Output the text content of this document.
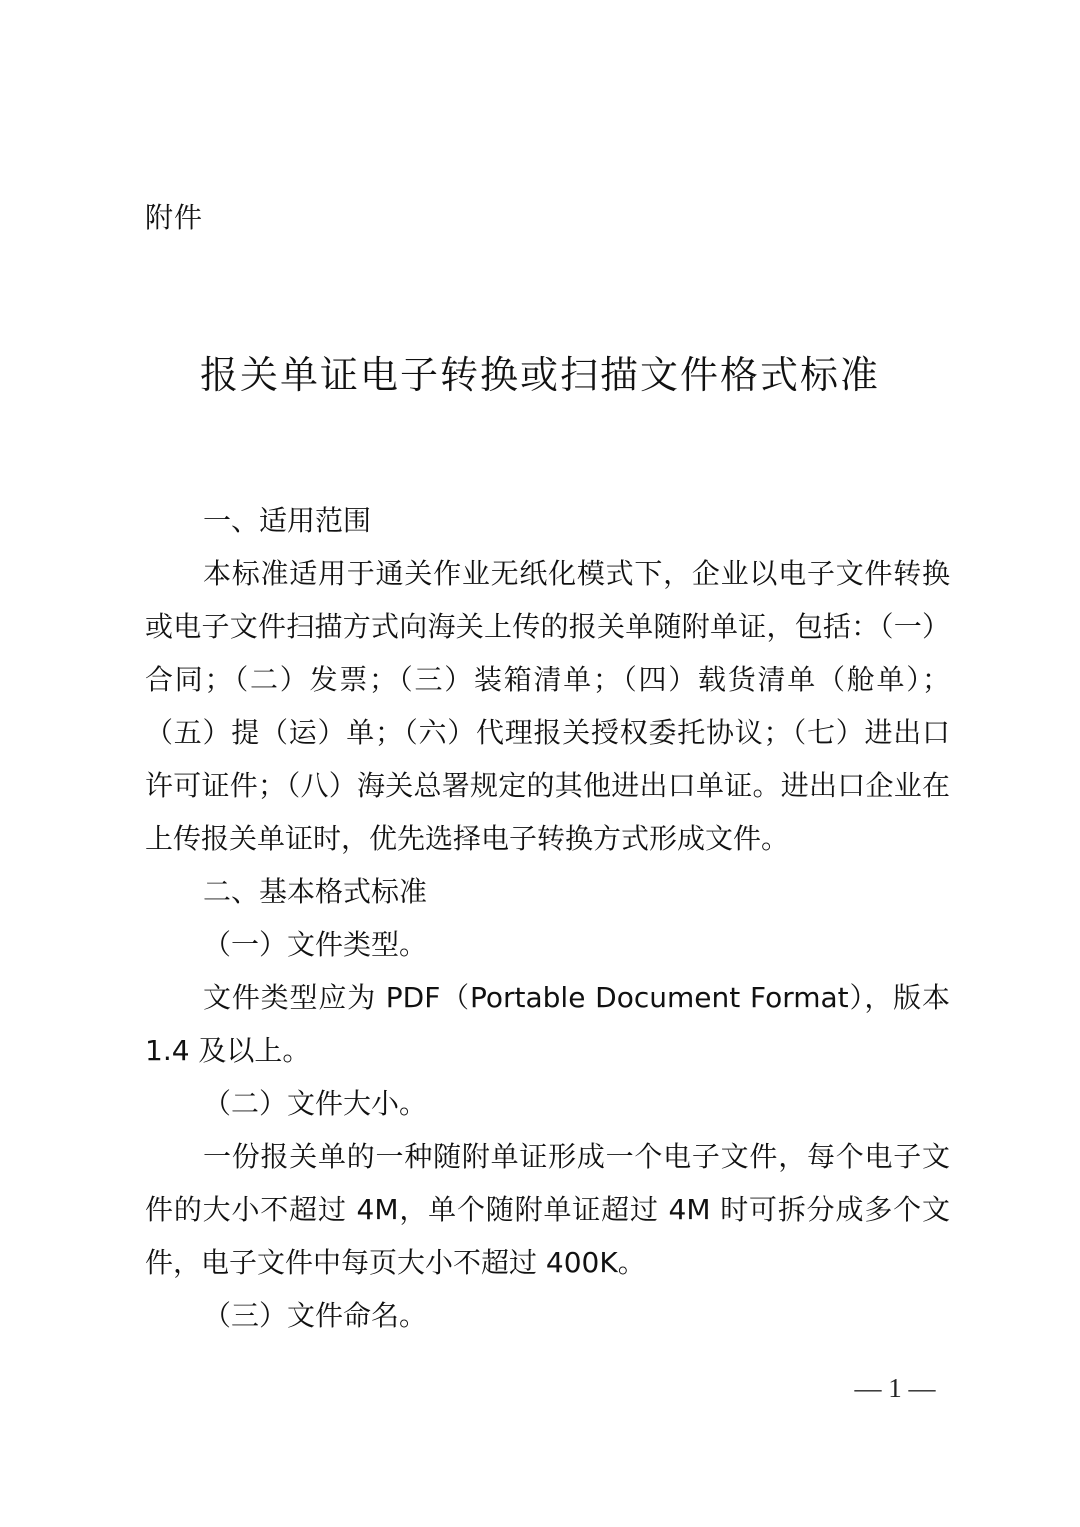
附件
报关单证电子转换或扫描文件格式标准

一、适用范围

本标准适用于通关作业无纸化模式下，企业以电子文件转换或电子文件扫描方式向海关上传的报关单随附单证，包括：（一）合同；（二）发票；（三）装箱清单；（四）载货清单（舱单）；（五）提（运）单；（六）代理报关授权委托协议；（七）进出口许可证件；（八）海关总署规定的其他进出口单证。进出口企业在上传报关单证时，优先选择电子转换方式形成文件。

二、基本格式标准

（一）文件类型。

文件类型应为 PDF（Portable Document Format），版本 1.4 及以上。

（二）文件大小。

一份报关单的一种随附单证形成一个电子文件，每个电子文件的大小不超过 4M，单个随附单证超过 4M 时可拆分成多个文件，电子文件中每页大小不超过 400K。

（三）文件命名。

— 1 —
